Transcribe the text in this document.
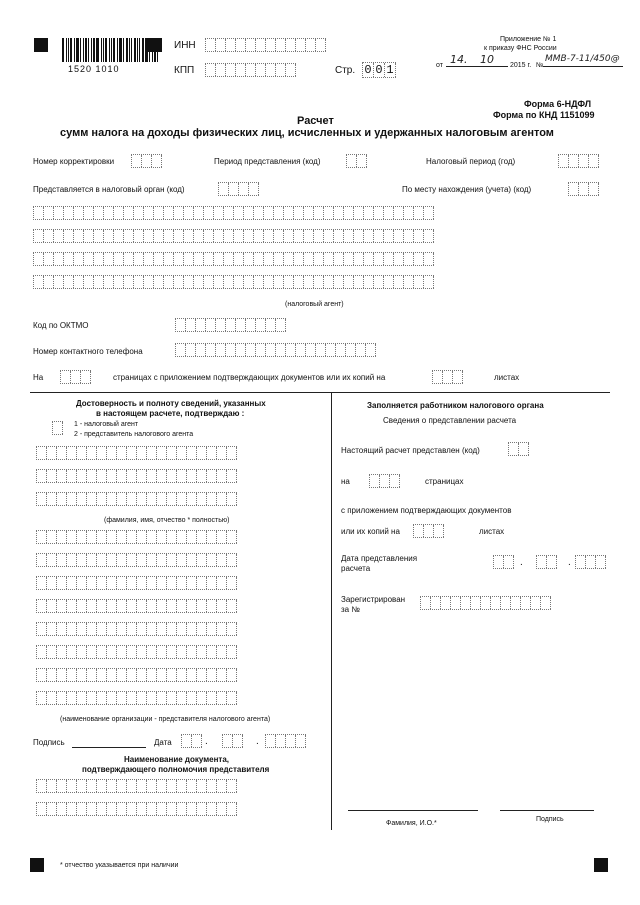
1520 1010
ИНН
КПП	Стр. 0 0 1
Приложение № 1
к приказу ФНС России
от 14. 10 2015 г. №
ММВ-7-11/450@
Форма 6-НДФЛ
Форма по КНД 1151099
Расчет
сумм налога на доходы физических лиц, исчисленных и удержанных налоговым агентом
Номер корректировки	Период представления (код)	Налоговый период (год)
Представляется в налоговый орган (код)	По месту нахождения (учета) (код)
(налоговый агент)
Код по ОКТМО
Номер контактного телефона
На	страницах с приложением подтверждающих документов или их копий на	листах
Достоверность и полноту сведений, указанных
в настоящем расчете, подтверждаю :
1 - налоговый агент
2 - представитель налогового агента
(фамилия, имя, отчество * полностью)
(наименование организации - представителя налогового агента)
Подпись	Дата	.	.
Наименование документа,
подтверждающего полномочия представителя
Заполняется работником налогового органа
Сведения о представлении расчета
Настоящий расчет представлен (код)
на	страницах
с приложением подтверждающих документов
или их копий на	листах
Дата представления
расчета
.	.
Зарегистрирован
за №
Фамилия, И.О.*
Подпись
* отчество указывается при наличии
